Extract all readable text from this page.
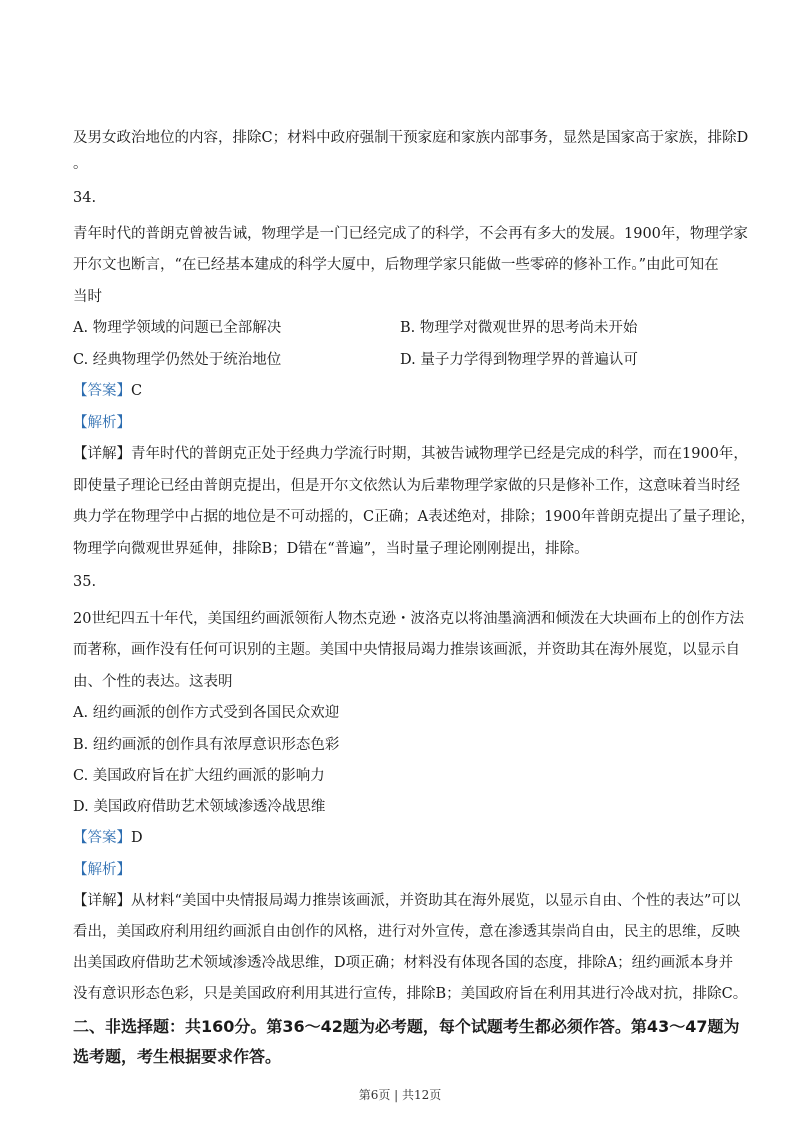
及男女政治地位的内容，排除C；材料中政府强制干预家庭和家族内部事务，显然是国家高于家族，排除D
。
34.
青年时代的普朗克曾被告诫，物理学是一门已经完成了的科学，不会再有多大的发展。1900年，物理学家
开尔文也断言，“在已经基本建成的科学大厦中，后物理学家只能做一些零碎的修补工作。”由此可知在
当时
A. 物理学领域的问题已全部解决	B. 物理学对微观世界的思考尚未开始
C. 经典物理学仍然处于统治地位	D. 量子力学得到物理学界的普遍认可
【答案】C
【解析】
【详解】青年时代的普朗克正处于经典力学流行时期，其被告诫物理学已经是完成的科学，而在1900年，
即使量子理论已经由普朗克提出，但是开尔文依然认为后辈物理学家做的只是修补工作，这意味着当时经
典力学在物理学中占据的地位是不可动摇的，C正确；A表述绝对，排除；1900年普朗克提出了量子理论，
物理学向微观世界延伸，排除B；D错在“普遍”，当时量子理论刚刚提出，排除。
35.
20世纪四五十年代，美国纽约画派领衔人物杰克逊・波洛克以将油墨滴洒和倾泼在大块画布上的创作方法
而著称，画作没有任何可识别的主题。美国中央情报局竭力推崇该画派，并资助其在海外展览，以显示自
由、个性的表达。这表明
A. 纽约画派的创作方式受到各国民众欢迎
B. 纽约画派的创作具有浓厚意识形态色彩
C. 美国政府旨在扩大纽约画派的影响力
D. 美国政府借助艺术领域渗透冷战思维
【答案】D
【解析】
【详解】从材料“美国中央情报局竭力推崇该画派，并资助其在海外展览，以显示自由、个性的表达”可以
看出，美国政府利用纽约画派自由创作的风格，进行对外宣传，意在渗透其崇尚自由，民主的思维，反映
出美国政府借助艺术领域渗透冷战思维，D项正确；材料没有体现各国的态度，排除A；纽约画派本身并
没有意识形态色彩，只是美国政府利用其进行宣传，排除B；美国政府旨在利用其进行冷战对抗，排除C。
二、非选择题：共160分。第36～42题为必考题，每个试题考生都必须作答。第43～47题为
选考题，考生根据要求作答。
第6页 | 共12页
